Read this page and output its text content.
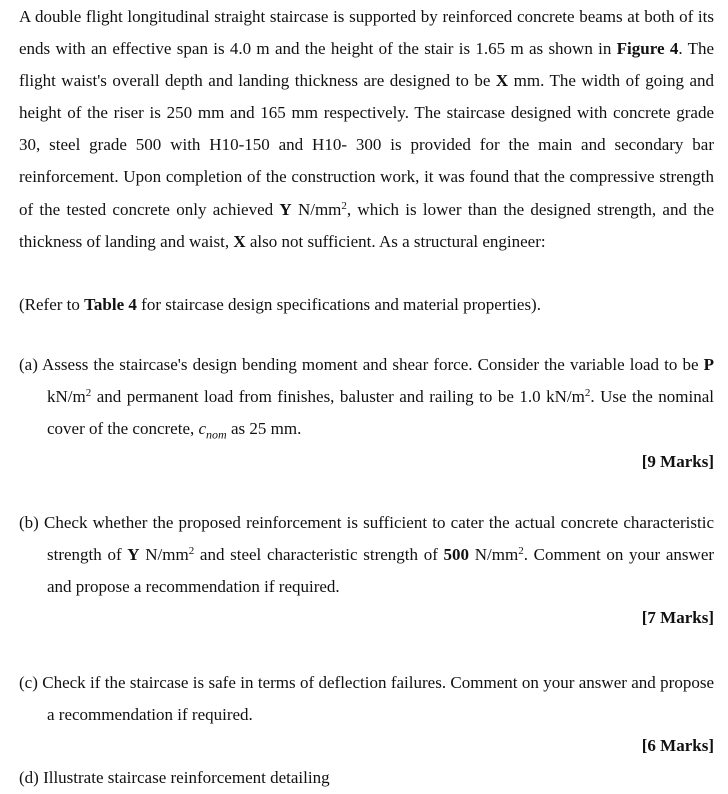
A double flight longitudinal straight staircase is supported by reinforced concrete beams at both of its ends with an effective span is 4.0 m and the height of the stair is 1.65 m as shown in Figure 4. The flight waist's overall depth and landing thickness are designed to be X mm. The width of going and height of the riser is 250 mm and 165 mm respectively. The staircase designed with concrete grade 30, steel grade 500 with H10-150 and H10- 300 is provided for the main and secondary bar reinforcement. Upon completion of the construction work, it was found that the compressive strength of the tested concrete only achieved Y $N/mm^2$, which is lower than the designed strength, and the thickness of landing and waist, X also not sufficient. As a structural engineer:

(Refer to Table 4 for staircase design specifications and material properties).

(a) Assess the staircase's design bending moment and shear force. Consider the variable load to be P $kN/m^2$ and permanent load from finishes, baluster and railing to be 1.0 $kN/m^2$. Use the nominal cover of the concrete, $c_{nom}$ as 25 mm.

[9 Marks]

(b) Check whether the proposed reinforcement is sufficient to cater the actual concrete characteristic strength of Y $N/mm^2$ and steel characteristic strength of 500 $N/mm^2$. Comment on your answer and propose a recommendation if required.

[7 Marks]

(c) Check if the staircase is safe in terms of deflection failures. Comment on your answer and propose a recommendation if required.

[6 Marks]

(d) Illustrate staircase reinforcement detailing
